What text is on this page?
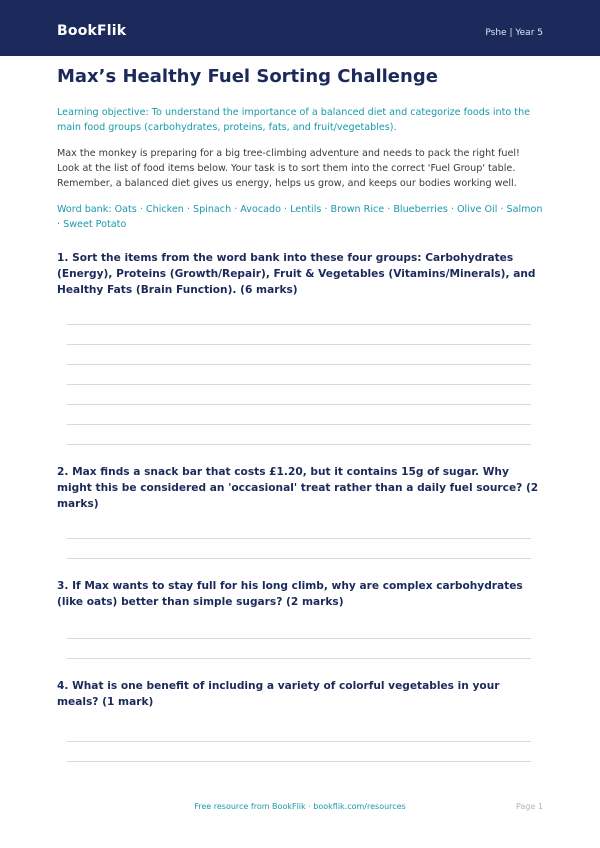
BookFlik	Pshe | Year 5
Max’s Healthy Fuel Sorting Challenge

Learning objective: To understand the importance of a balanced diet and categorize foods into the main food groups (carbohydrates, proteins, fats, and fruit/vegetables).

Max the monkey is preparing for a big tree-climbing adventure and needs to pack the right fuel! Look at the list of food items below. Your task is to sort them into the correct 'Fuel Group' table. Remember, a balanced diet gives us energy, helps us grow, and keeps our bodies working well.

Word bank: Oats · Chicken · Spinach · Avocado · Lentils · Brown Rice · Blueberries · Olive Oil · Salmon · Sweet Potato

1. Sort the items from the word bank into these four groups: Carbohydrates (Energy), Proteins (Growth/Repair), Fruit & Vegetables (Vitamins/Minerals), and Healthy Fats (Brain Function). (6 marks)

2. Max finds a snack bar that costs £1.20, but it contains 15g of sugar. Why might this be considered an 'occasional' treat rather than a daily fuel source? (2 marks)

3. If Max wants to stay full for his long climb, why are complex carbohydrates (like oats) better than simple sugars? (2 marks)

4. What is one benefit of including a variety of colorful vegetables in your meals? (1 mark)

Free resource from BookFlik · bookflik.com/resources	Page 1
